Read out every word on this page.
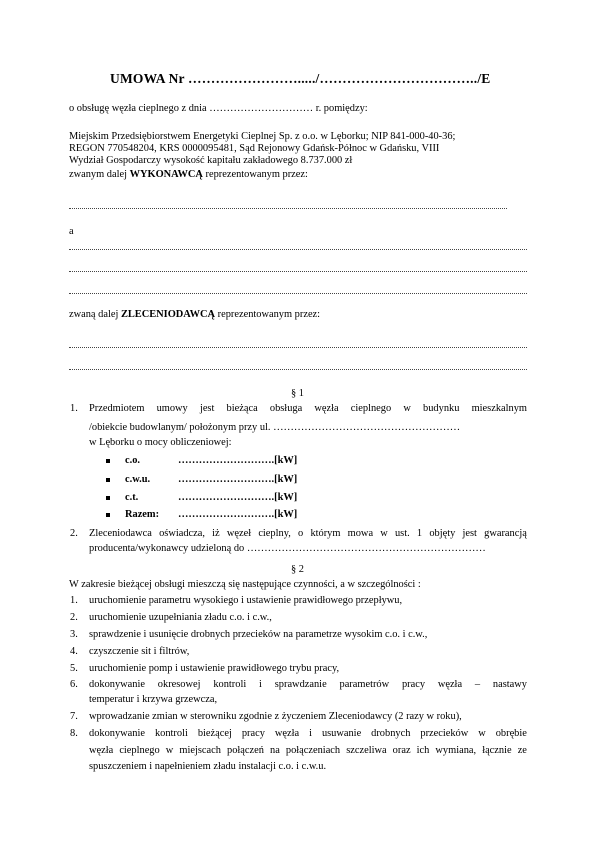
UMOWA Nr ……………………...../……………………………../E
o obsługę węzła cieplnego z dnia ………………………… r. pomiędzy:
Miejskim Przedsiębiorstwem Energetyki Cieplnej Sp. z o.o. w Lęborku; NIP 841-000-40-36;
REGON 770548204, KRS 0000095481, Sąd Rejonowy Gdańsk-Północ w Gdańsku, VIII
Wydział Gospodarczy wysokość kapitału zakładowego 8.737.000 zł
zwanym dalej WYKONAWCĄ reprezentowanym przez:
a
zwaną dalej ZLECENIODAWCĄ reprezentowanym przez:
§ 1
1.	Przedmiotem umowy jest bieżąca obsługa węzła cieplnego w budynku mieszkalnym
/obiekcie budowlanym/ położonym przy ul. ………………………………………………
w Lęborku o mocy obliczeniowej:
c.o.	……………………….[kW]
c.w.u.	……………………….[kW]
c.t.	……………………….[kW]
Razem: ……………………….[kW]
2.	Zleceniodawca oświadcza, iż węzeł cieplny, o którym mowa w ust. 1 objęty jest gwarancją
producenta/wykonawcy udzieloną do ……………………………………………………………
§ 2
W zakresie bieżącej obsługi mieszczą się następujące czynności, a w szczególności :
1.	uruchomienie parametru wysokiego i ustawienie prawidłowego przepływu,
2.	uruchomienie uzupełniania zładu c.o. i c.w.,
3.	sprawdzenie i usunięcie drobnych przecieków na parametrze wysokim c.o. i c.w.,
4.	czyszczenie sit i filtrów,
5.	uruchomienie pomp i ustawienie prawidłowego trybu pracy,
6.	dokonywanie okresowej kontroli i sprawdzanie parametrów pracy węzła – nastawy
temperatur i krzywa grzewcza,
7.	wprowadzanie zmian w sterowniku zgodnie z życzeniem Zleceniodawcy (2 razy w roku),
8.	dokonywanie kontroli bieżącej pracy węzła i usuwanie drobnych przecieków w obrębie
węzła cieplnego w miejscach połączeń na połączeniach szczeliwa oraz ich wymiana, łącznie ze
spuszczeniem i napełnieniem zładu instalacji c.o. i c.w.u.
